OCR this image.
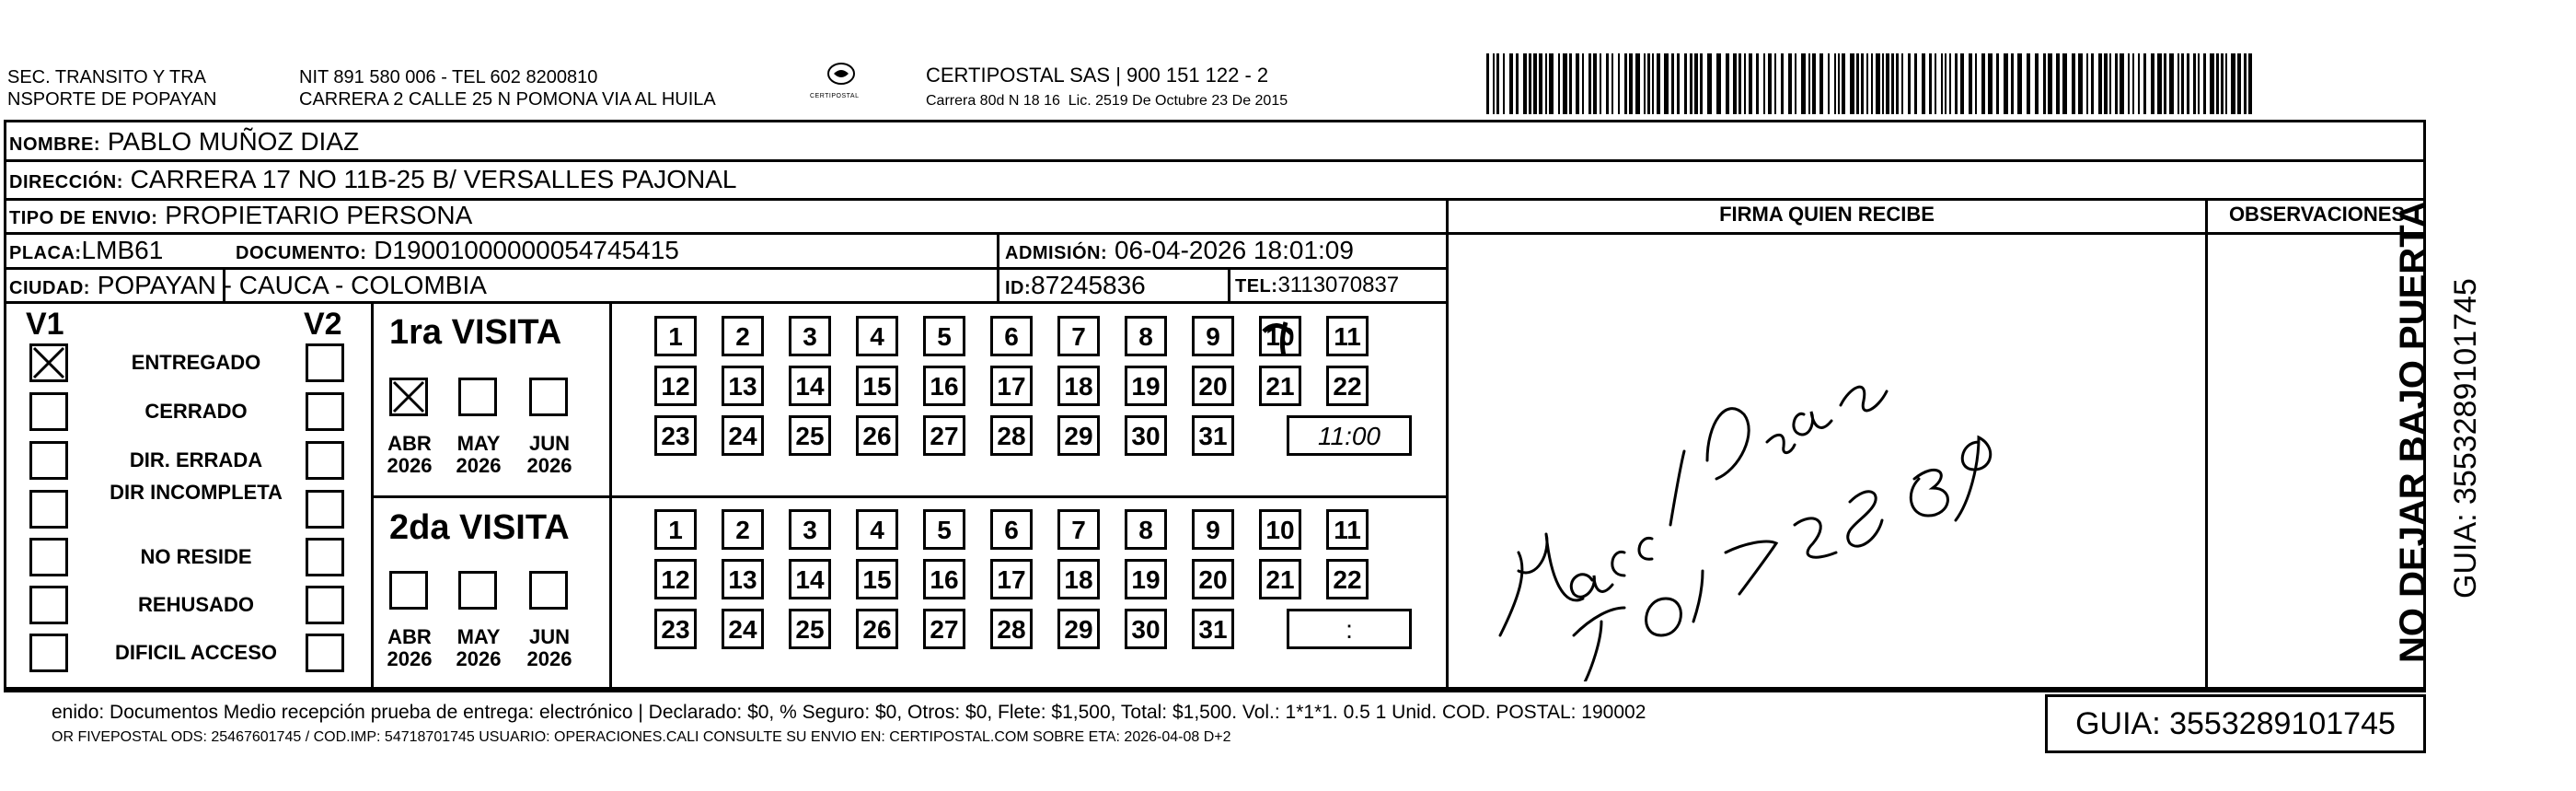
SEC. TRANSITO Y TRA
NSPORTE DE POPAYAN
NIT 891 580 006 - TEL 602 8200810
CARRERA 2 CALLE 25 N POMONA VIA AL HUILA	CERTIPOSTAL
CERTIPOSTAL SAS | 900 151 122 - 2
Carrera 80d N 18 16  Lic. 2519 De Octubre 23 De 2015
NOMBRE: PABLO MUÑOZ DIAZ
DIRECCIÓN: CARRERA 17 NO 11B-25 B/ VERSALLES PAJONAL
TIPO DE ENVIO: PROPIETARIO PERSONA
PLACA:LMB61	DOCUMENTO: D19001000000054745415	ADMISIÓN: 06-04-2026 18:01:09
CIUDAD: POPAYAN - CAUCA - COLOMBIA	ID:87245836	TEL:3113070837
FIRMA QUIEN RECIBE	OBSERVACIONES
V1	V2
ENTREGADO
CERRADO
DIR. ERRADA
DIR INCOMPLETA
NO RESIDE
REHUSADO
DIFICIL ACCESO
1ra VISITA
2da VISITA
ABR
2026
MAY
2026
JUN
2026
ABR
2026
MAY
2026
JUN
2026
1	2	3	4	5	6	7	8	9	10 11
12 13 14 15 16 17 18 19 20 21 22
23 24 25 26 27 28 29 30 31	11:00
1	2	3	4	5	6	7	8	9	10 11
12 13 14 15 16 17 18 19 20 21 22
23 24 25 26 27 28 29 30 31	:	NO DEJAR BAJO PUERTA GUIA: 3553289101745
enido: Documentos Medio recepción prueba de entrega: electrónico | Declarado: $0, % Seguro: $0, Otros: $0, Flete: $1,500, Total: $1,500. Vol.: 1*1*1. 0.5 1 Unid. COD. POSTAL: 190002
OR FIVEPOSTAL ODS: 25467601745 / COD.IMP: 54718701745 USUARIO: OPERACIONES.CALI CONSULTE SU ENVIO EN: CERTIPOSTAL.COM SOBRE ETA: 2026-04-08 D+2	GUIA: 3553289101745
